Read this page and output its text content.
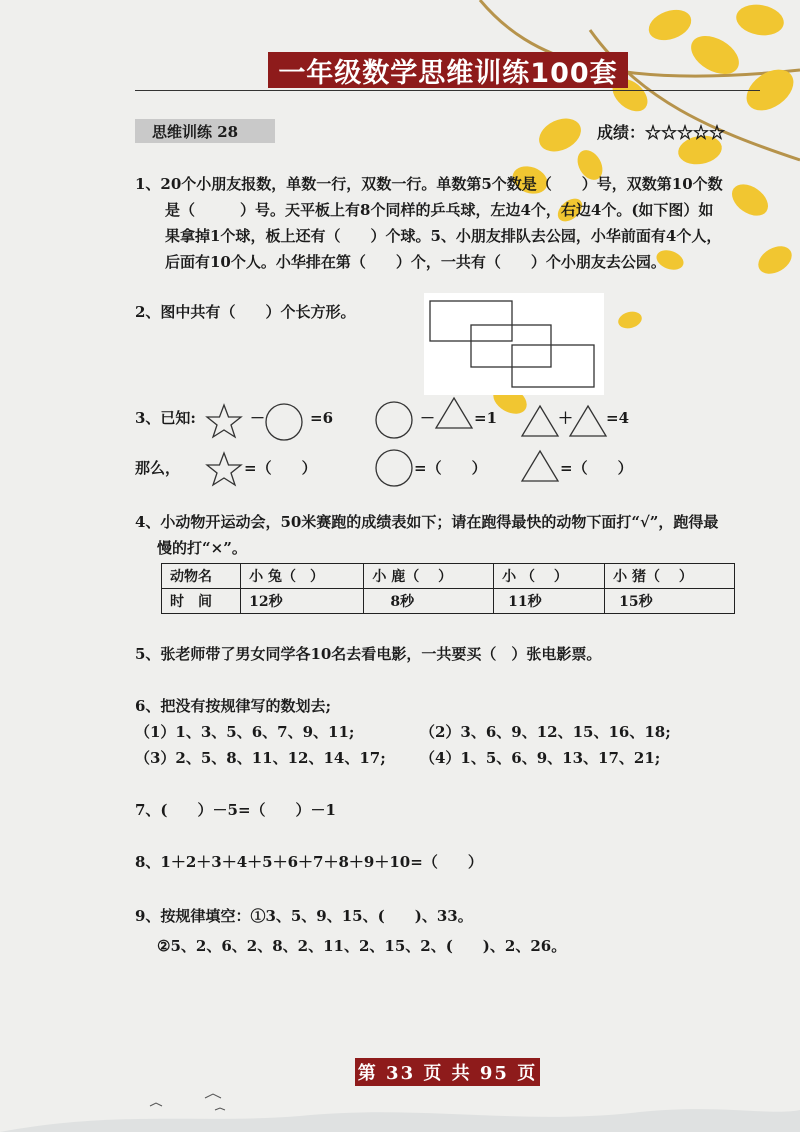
一年级数学思维训练100套
思维训练 28	成绩：☆☆☆☆☆
1、20个小朋友报数，单数一行，双数一行。单数第5个数是（　　）号，双数第10个数
是（　　　）号。天平板上有8个同样的乒乓球，左边4个，右边4个。(如下图）如
果拿掉1个球，板上还有（　　）个球。5、小朋友排队去公园，小华前面有4个人，
后面有10个人。小华排在第（　　）个，一共有（　　）个小朋友去公园。
2、图中共有（　　）个长方形。
3、已知:	－	=6	－	=1	＋ =4
那么，	=（　　）	=（　　）	=（　　）
4、小动物开运动会，50米赛跑的成绩表如下；请在跑得最快的动物下面打“√”，跑得最
慢的打“×”。
动物名	小 兔（　）	小 鹿（　 ）	小 （　 ）	小 猪（　 ）
时　间	12秒	8秒	11秒	15秒
5、张老师带了男女同学各10名去看电影，一共要买（　）张电影票。
6、把没有按规律写的数划去;
（1）1、3、5、6、7、9、11;	（2）3、6、9、12、15、16、18;
（3）2、5、8、11、12、14、17; （4）1、5、6、9、13、17、21;
7、(　　）－5=（　　）－1
8、1＋2＋3＋4＋5＋6＋7＋8＋9＋10=（　　）
9、按规律填空：①3、5、9、15、(　　)、33。
②5、2、6、2、8、2、11、2、15、2、(　　)、2、26。
第 33 页 共 95 页
